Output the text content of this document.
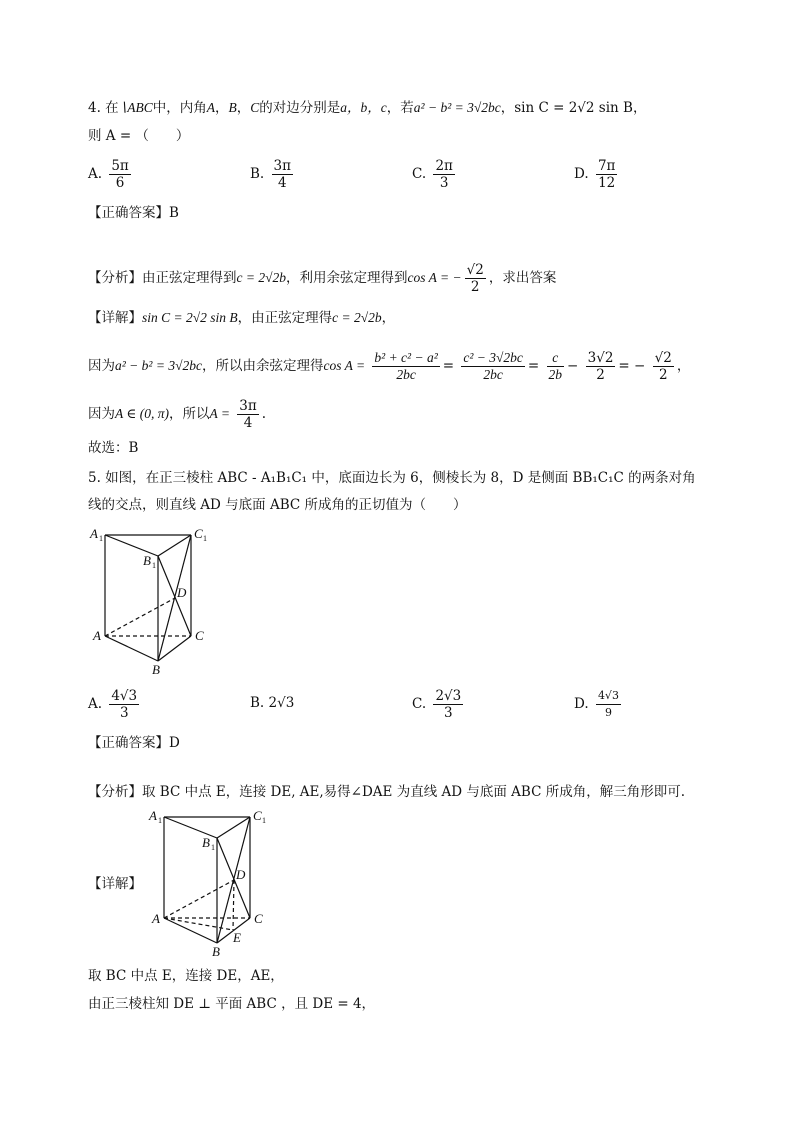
4. 在∖ABC中，内角A，B，C的对边分别是a，b，c，若a² − b² = 3√2bc，sin C = 2√2 sin B，
则 A = （　　）
A. $\frac{5\pi}{6}$	B. $\frac{3\pi}{4}$	C. $\frac{2\pi}{3}$	D. $\frac{7\pi}{12}$
【正确答案】B
【分析】由正弦定理得到c = 2√2b，利用余弦定理得到cos A = − $\frac{√2}{2}$ ，求出答案
【详解】sin C = 2√2 sin B，由正弦定理得c = 2√2b，
因为a² − b² = 3√2bc，所以由余弦定理得$\cos A = \frac{\text{b² + c² − a²}}{2bc} = \frac{\text{c² − 3√2bc}}{2bc} = \frac{c}{2b} - \frac{3√2}{2}$ = − $\frac{√2}{2}$ ，
因为A ∈ (0, π)，所以$A = \frac{3\pi}{4}$ .
故选：B
5. 如图，在正三棱柱 ABC - A₁B₁C₁ 中，底面边长为 6，侧棱长为 8，D 是侧面 BB₁C₁C 的两条对角
线的交点，则直线 AD 与底面 ABC 所成角的正切值为（　　）
A 1	C 1
B 1
D
A	C
B
A. $\frac{4√3}{3}$	B. 2√3	C. $\frac{2√3}{3}$	D. $\frac{4√3}{9}$
【正确答案】D
【分析】取 BC 中点 E，连接 DE, AE,易得∠DAE 为直线 AD 与底面 ABC 所成角，解三角形即可.
【详解】
A 1	C 1
B 1
D
A	C
E
B
取 BC 中点 E，连接 DE，AE，
由正三棱柱知 DE ⊥ 平面 ABC ，且 DE = 4，
